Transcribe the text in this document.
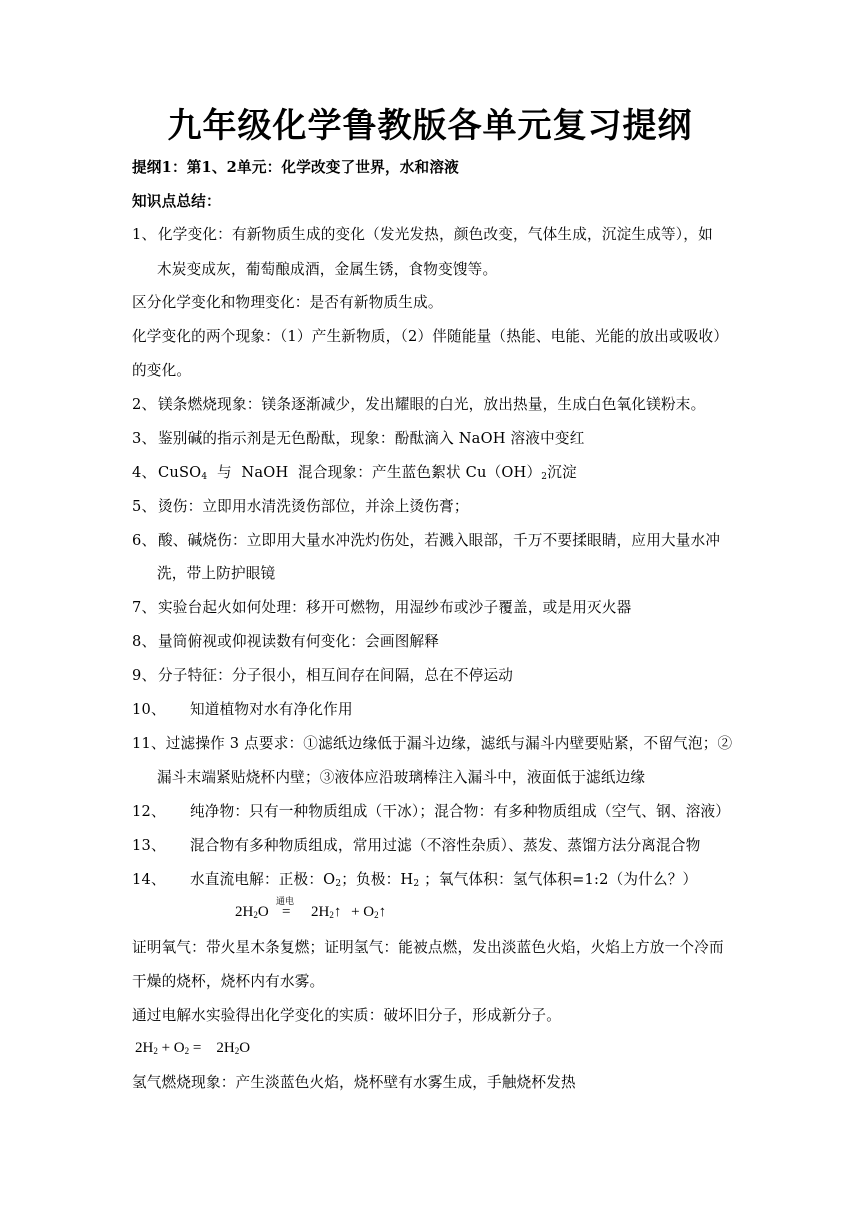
九年级化学鲁教版各单元复习提纲
提纲1：第1、2单元：化学改变了世界，水和溶液
知识点总结：
1、 化学变化：有新物质生成的变化（发光发热，颜色改变，气体生成，沉淀生成等），如
木炭变成灰，葡萄酿成酒，金属生锈，食物变馊等。
区分化学变化和物理变化：是否有新物质生成。
化学变化的两个现象：（1）产生新物质，（2）伴随能量（热能、电能、光能的放出或吸收）
的变化。
2、 镁条燃烧现象：镁条逐渐减少，发出耀眼的白光，放出热量，生成白色氧化镁粉末。
3、 鉴别碱的指示剂是无色酚酞，现象：酚酞滴入 NaOH 溶液中变红
4、 CuSO$_4$  与  NaOH  混合现象：产生蓝色絮状 $Cu(OH)_2$沉淀
5、 烫伤：立即用水清洗烫伤部位，并涂上烫伤膏；
6、 酸、碱烧伤：立即用大量水冲洗灼伤处，若溅入眼部，千万不要揉眼睛，应用大量水冲
洗，带上防护眼镜
7、 实验台起火如何处理：移开可燃物，用湿纱布或沙子覆盖，或是用灭火器
8、 量筒俯视或仰视读数有何变化：会画图解释
9、 分子特征：分子很小，相互间存在间隔，总在不停运动
10、 知道植物对水有净化作用
11、过滤操作 3 点要求：①滤纸边缘低于漏斗边缘，滤纸与漏斗内壁要贴紧，不留气泡；②
漏斗末端紧贴烧杯内壁；③液体应沿玻璃棒注入漏斗中，液面低于滤纸边缘
12、 纯净物：只有一种物质组成（干冰）；混合物：有多种物质组成（空气、钢、溶液）
13、 混合物有多种物质组成，常用过滤（不溶性杂质）、蒸发、蒸馏方法分离混合物
14、 水直流电解：正极：$O_2$；负极：$H_2$ ；氧气体积：氢气体积=1:2（为什么？）
$2H_2O$
通电
= $2H_2↑$ + $O_2↑$
证明氧气：带火星木条复燃；证明氢气：能被点燃，发出淡蓝色火焰，火焰上方放一个冷而
干燥的烧杯，烧杯内有水雾。
通过电解水实验得出化学变化的实质：破坏旧分子，形成新分子。
$2H_2 + O_2$ =    $2H_2O$
氢气燃烧现象：产生淡蓝色火焰，烧杯壁有水雾生成，手触烧杯发热
